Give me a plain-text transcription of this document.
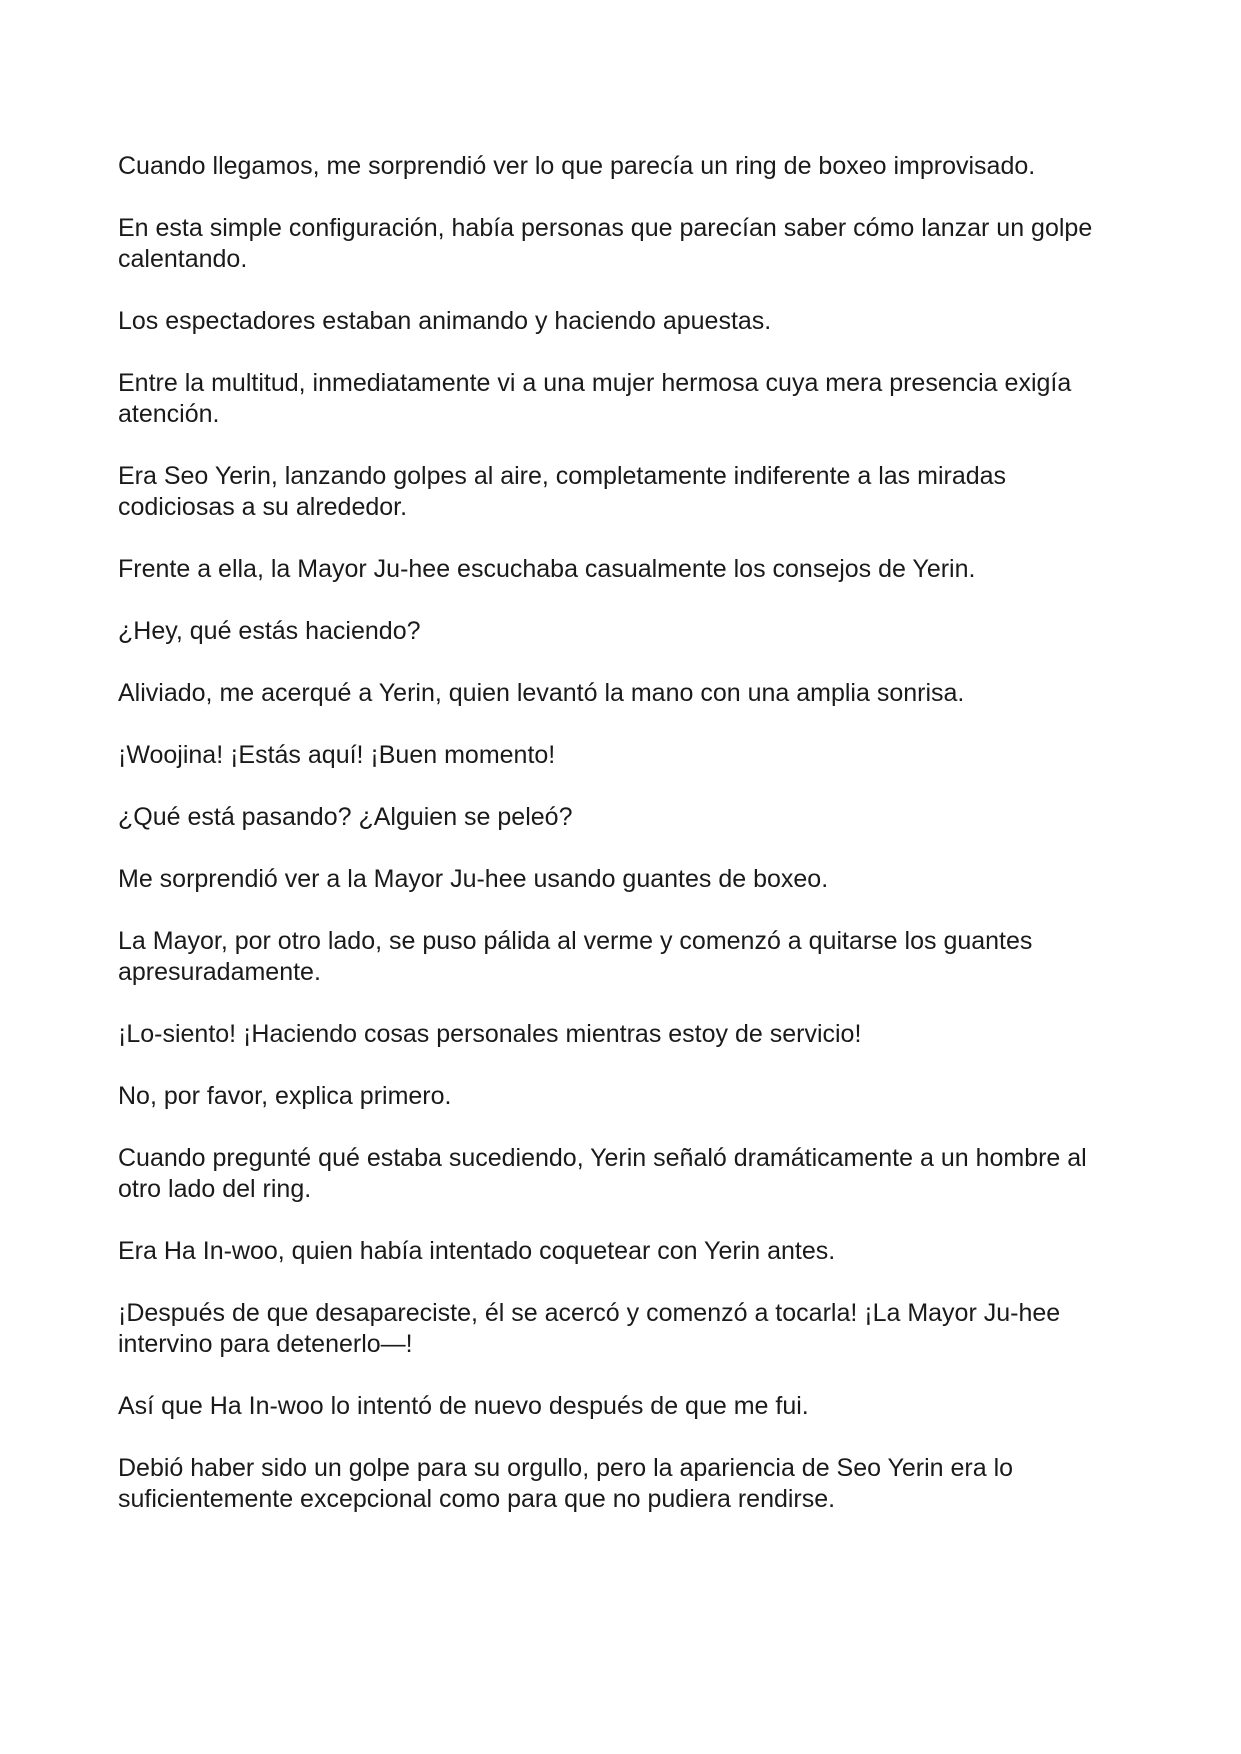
Cuando llegamos, me sorprendió ver lo que parecía un ring de boxeo improvisado.

En esta simple configuración, había personas que parecían saber cómo lanzar un golpe calentando.

Los espectadores estaban animando y haciendo apuestas.

Entre la multitud, inmediatamente vi a una mujer hermosa cuya mera presencia exigía atención.

Era Seo Yerin, lanzando golpes al aire, completamente indiferente a las miradas codiciosas a su alrededor.

Frente a ella, la Mayor Ju-hee escuchaba casualmente los consejos de Yerin.

¿Hey, qué estás haciendo?

Aliviado, me acerqué a Yerin, quien levantó la mano con una amplia sonrisa.

¡Woojina! ¡Estás aquí! ¡Buen momento!

¿Qué está pasando? ¿Alguien se peleó?

Me sorprendió ver a la Mayor Ju-hee usando guantes de boxeo.

La Mayor, por otro lado, se puso pálida al verme y comenzó a quitarse los guantes apresuradamente.

¡Lo-siento! ¡Haciendo cosas personales mientras estoy de servicio!

No, por favor, explica primero.

Cuando pregunté qué estaba sucediendo, Yerin señaló dramáticamente a un hombre al otro lado del ring.

Era Ha In-woo, quien había intentado coquetear con Yerin antes.

¡Después de que desapareciste, él se acercó y comenzó a tocarla! ¡La Mayor Ju-hee intervino para detenerlo—!

Así que Ha In-woo lo intentó de nuevo después de que me fui.

Debió haber sido un golpe para su orgullo, pero la apariencia de Seo Yerin era lo suficientemente excepcional como para que no pudiera rendirse.
